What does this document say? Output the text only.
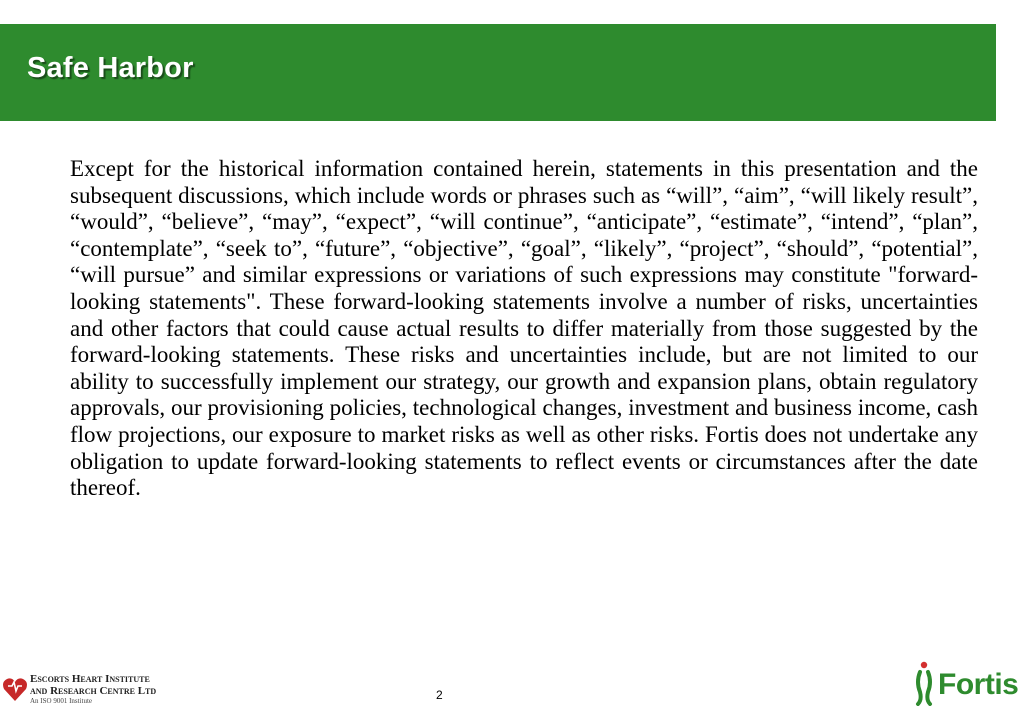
Safe Harbor

Except for the historical information contained herein, statements in this presentation and the subsequent discussions, which include words or phrases such as “will”, “aim”, “will likely result”, “would”, “believe”, “may”, “expect”, “will continue”, “anticipate”, “estimate”, “intend”, “plan”, “contemplate”, “seek to”, “future”, “objective”, “goal”, “likely”, “project”, “should”, “potential”, “will pursue” and similar expressions or variations of such expressions may constitute "forward-looking statements". These forward-looking statements involve a number of risks, uncertainties and other factors that could cause actual results to differ materially from those suggested by the forward-looking statements. These risks and uncertainties include, but are not limited to our ability to successfully implement our strategy, our growth and expansion plans, obtain regulatory approvals, our provisioning policies, technological changes, investment and business income, cash flow projections, our exposure to market risks as well as other risks. Fortis does not undertake any obligation to update forward-looking statements to reflect events or circumstances after the date thereof.

Escorts Heart Institute
and Research Centre Ltd
An ISO 9001 Institute	2	Fortis
